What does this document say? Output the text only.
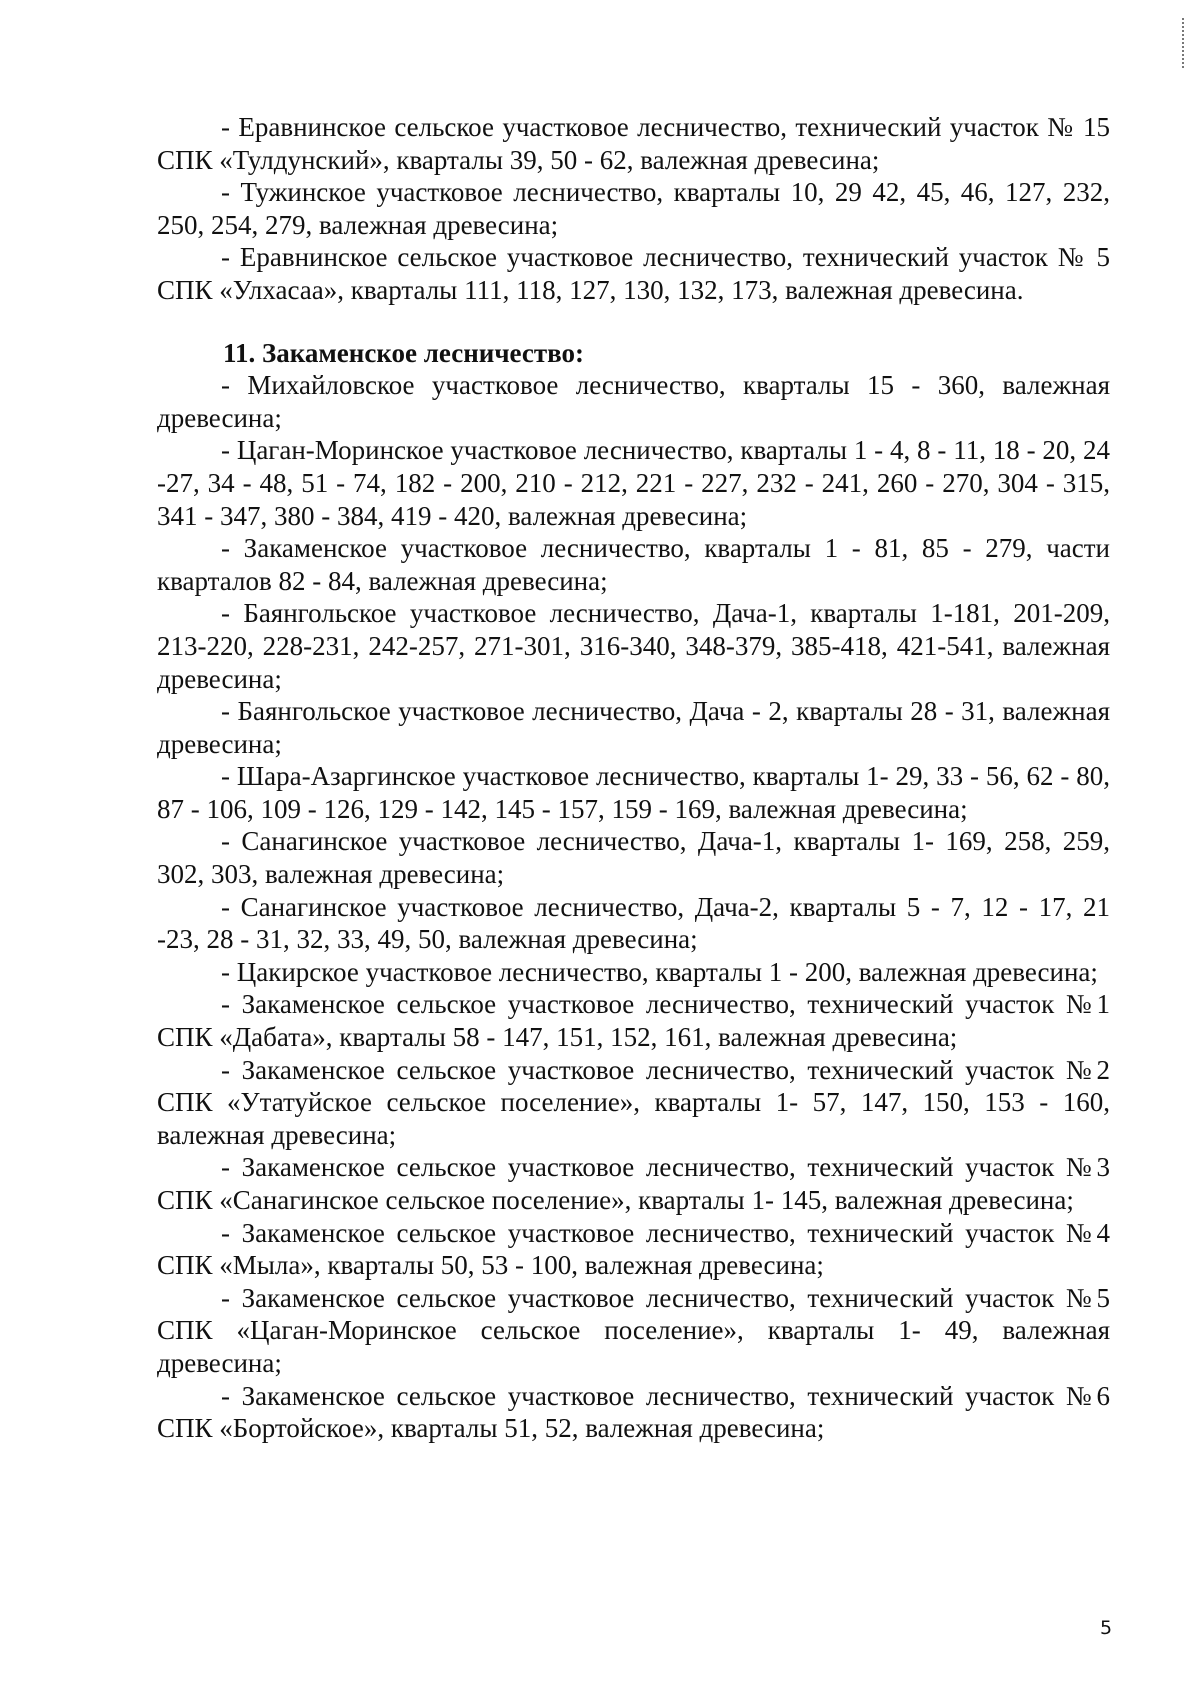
- Еравнинское сельское участковое лесничество, технический участок № 15 СПК «Тулдунский», кварталы 39, 50 - 62, валежная древесина;

- Тужинское участковое лесничество, кварталы 10, 29 42, 45, 46, 127, 232, 250, 254, 279, валежная древесина;

- Еравнинское сельское участковое лесничество, технический участок № 5 СПК «Улхасаа», кварталы 111, 118, 127, 130, 132, 173, валежная древесина.

11. Закаменское лесничество:

- Михайловское участковое лесничество, кварталы 15 - 360, валежная древесина;

- Цаган-Моринское участковое лесничество, кварталы 1 - 4, 8 - 11, 18 - 20, 24 -27, 34 - 48, 51 - 74, 182 - 200, 210 - 212, 221 - 227, 232 - 241, 260 - 270, 304 - 315, 341 - 347, 380 - 384, 419 - 420, валежная древесина;

- Закаменское участковое лесничество, кварталы 1 - 81, 85 - 279, части кварталов 82 - 84, валежная древесина;

- Баянгольское участковое лесничество, Дача-1, кварталы 1-181, 201-209, 213-220, 228-231, 242-257, 271-301, 316-340, 348-379, 385-418, 421-541, валежная древесина;

- Баянгольское участковое лесничество, Дача - 2, кварталы 28 - 31, валежная древесина;

- Шара-Азаргинское участковое лесничество, кварталы 1- 29, 33 - 56, 62 - 80, 87 - 106, 109 - 126, 129 - 142, 145 - 157, 159 - 169, валежная древесина;

- Санагинское участковое лесничество, Дача-1, кварталы 1- 169, 258, 259, 302, 303, валежная древесина;

- Санагинское участковое лесничество, Дача-2, кварталы 5 - 7, 12 - 17, 21 -23, 28 - 31, 32, 33, 49, 50, валежная древесина;

- Цакирское участковое лесничество, кварталы 1 - 200, валежная древесина;

- Закаменское сельское участковое лесничество, технический участок №1 СПК «Дабата», кварталы 58 - 147, 151, 152, 161, валежная древесина;

- Закаменское сельское участковое лесничество, технический участок №2 СПК «Утатуйское сельское поселение», кварталы 1- 57, 147, 150, 153 - 160, валежная древесина;

- Закаменское сельское участковое лесничество, технический участок №3 СПК «Санагинское сельское поселение», кварталы 1- 145, валежная древесина;

- Закаменское сельское участковое лесничество, технический участок №4 СПК «Мыла», кварталы 50, 53 - 100, валежная древесина;

- Закаменское сельское участковое лесничество, технический участок №5 СПК «Цаган-Моринское сельское поселение», кварталы 1- 49, валежная древесина;

- Закаменское сельское участковое лесничество, технический участок №6 СПК «Бортойское», кварталы 51, 52, валежная древесина;

5
